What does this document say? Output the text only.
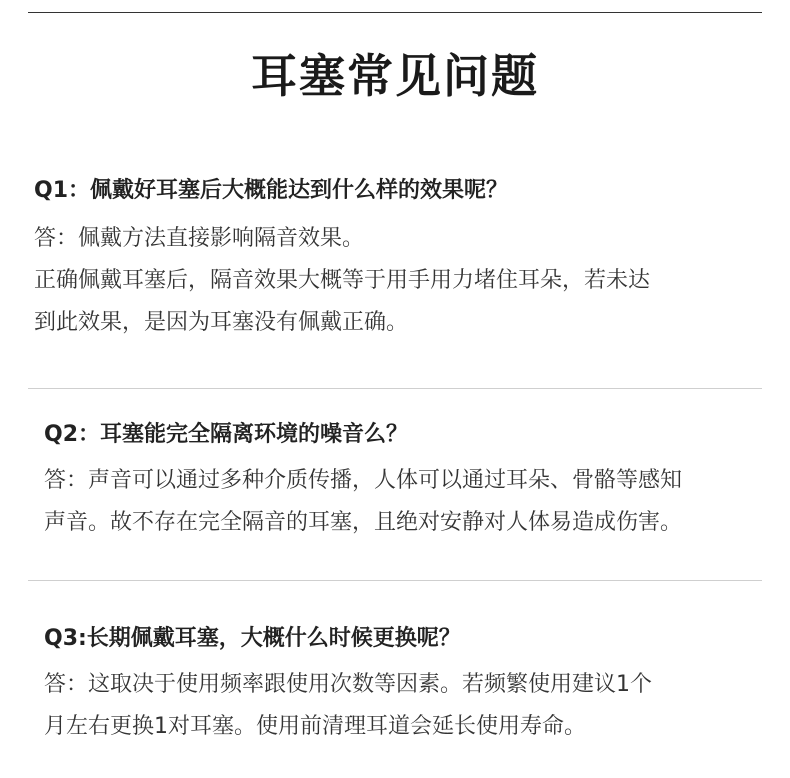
耳塞常见问题
Q1：佩戴好耳塞后大概能达到什么样的效果呢？
答：佩戴方法直接影响隔音效果。
正确佩戴耳塞后，隔音效果大概等于用手用力堵住耳朵，若未达
到此效果，是因为耳塞没有佩戴正确。
Q2：耳塞能完全隔离环境的噪音么？
答：声音可以通过多种介质传播，人体可以通过耳朵、骨骼等感知
声音。故不存在完全隔音的耳塞，且绝对安静对人体易造成伤害。
Q3:长期佩戴耳塞，大概什么时候更换呢？
答：这取决于使用频率跟使用次数等因素。若频繁使用建议1个
月左右更换1对耳塞。使用前清理耳道会延长使用寿命。
